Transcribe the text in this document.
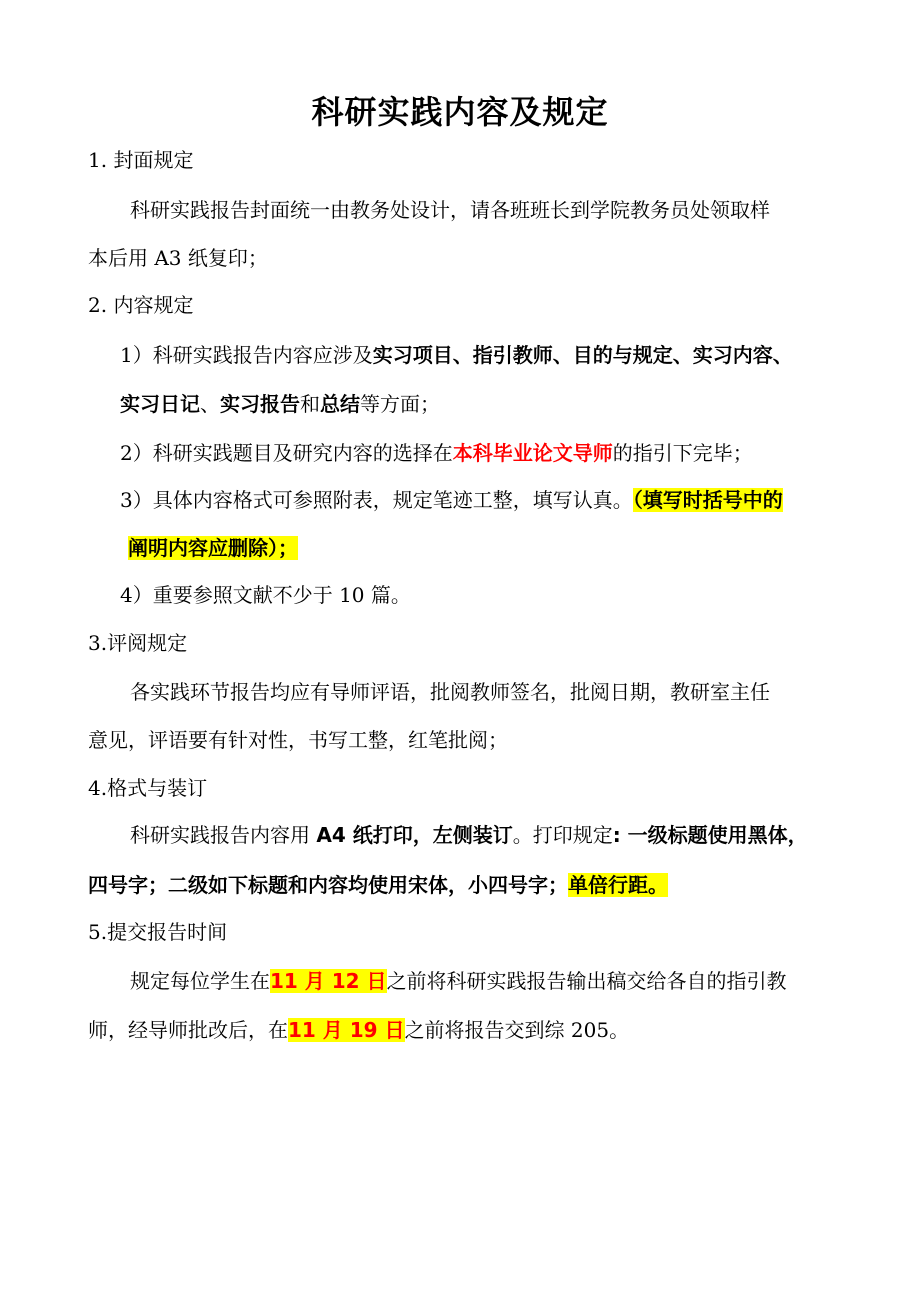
科研实践内容及规定
1. 封面规定
科研实践报告封面统一由教务处设计，请各班班长到学院教务员处领取样
本后用 A3 纸复印；
2. 内容规定
1）科研实践报告内容应涉及实习项目、指引教师、目的与规定、实习内容、
实习日记、实习报告和总结等方面；
2）科研实践题目及研究内容的选择在本科毕业论文导师的指引下完毕；
3）具体内容格式可参照附表，规定笔迹工整，填写认真。（填写时括号中的
阐明内容应删除）；
4）重要参照文献不少于 10 篇。
3.评阅规定
各实践环节报告均应有导师评语，批阅教师签名，批阅日期，教研室主任
意见，评语要有针对性，书写工整，红笔批阅；
4.格式与装订
科研实践报告内容用 A4 纸打印，左侧装订。打印规定: 一级标题使用黑体，
四号字；二级如下标题和内容均使用宋体，小四号字；单倍行距。
5.提交报告时间
规定每位学生在11 月 12 日之前将科研实践报告输出稿交给各自的指引教
师，经导师批改后，在11 月 19 日之前将报告交到综 205。
